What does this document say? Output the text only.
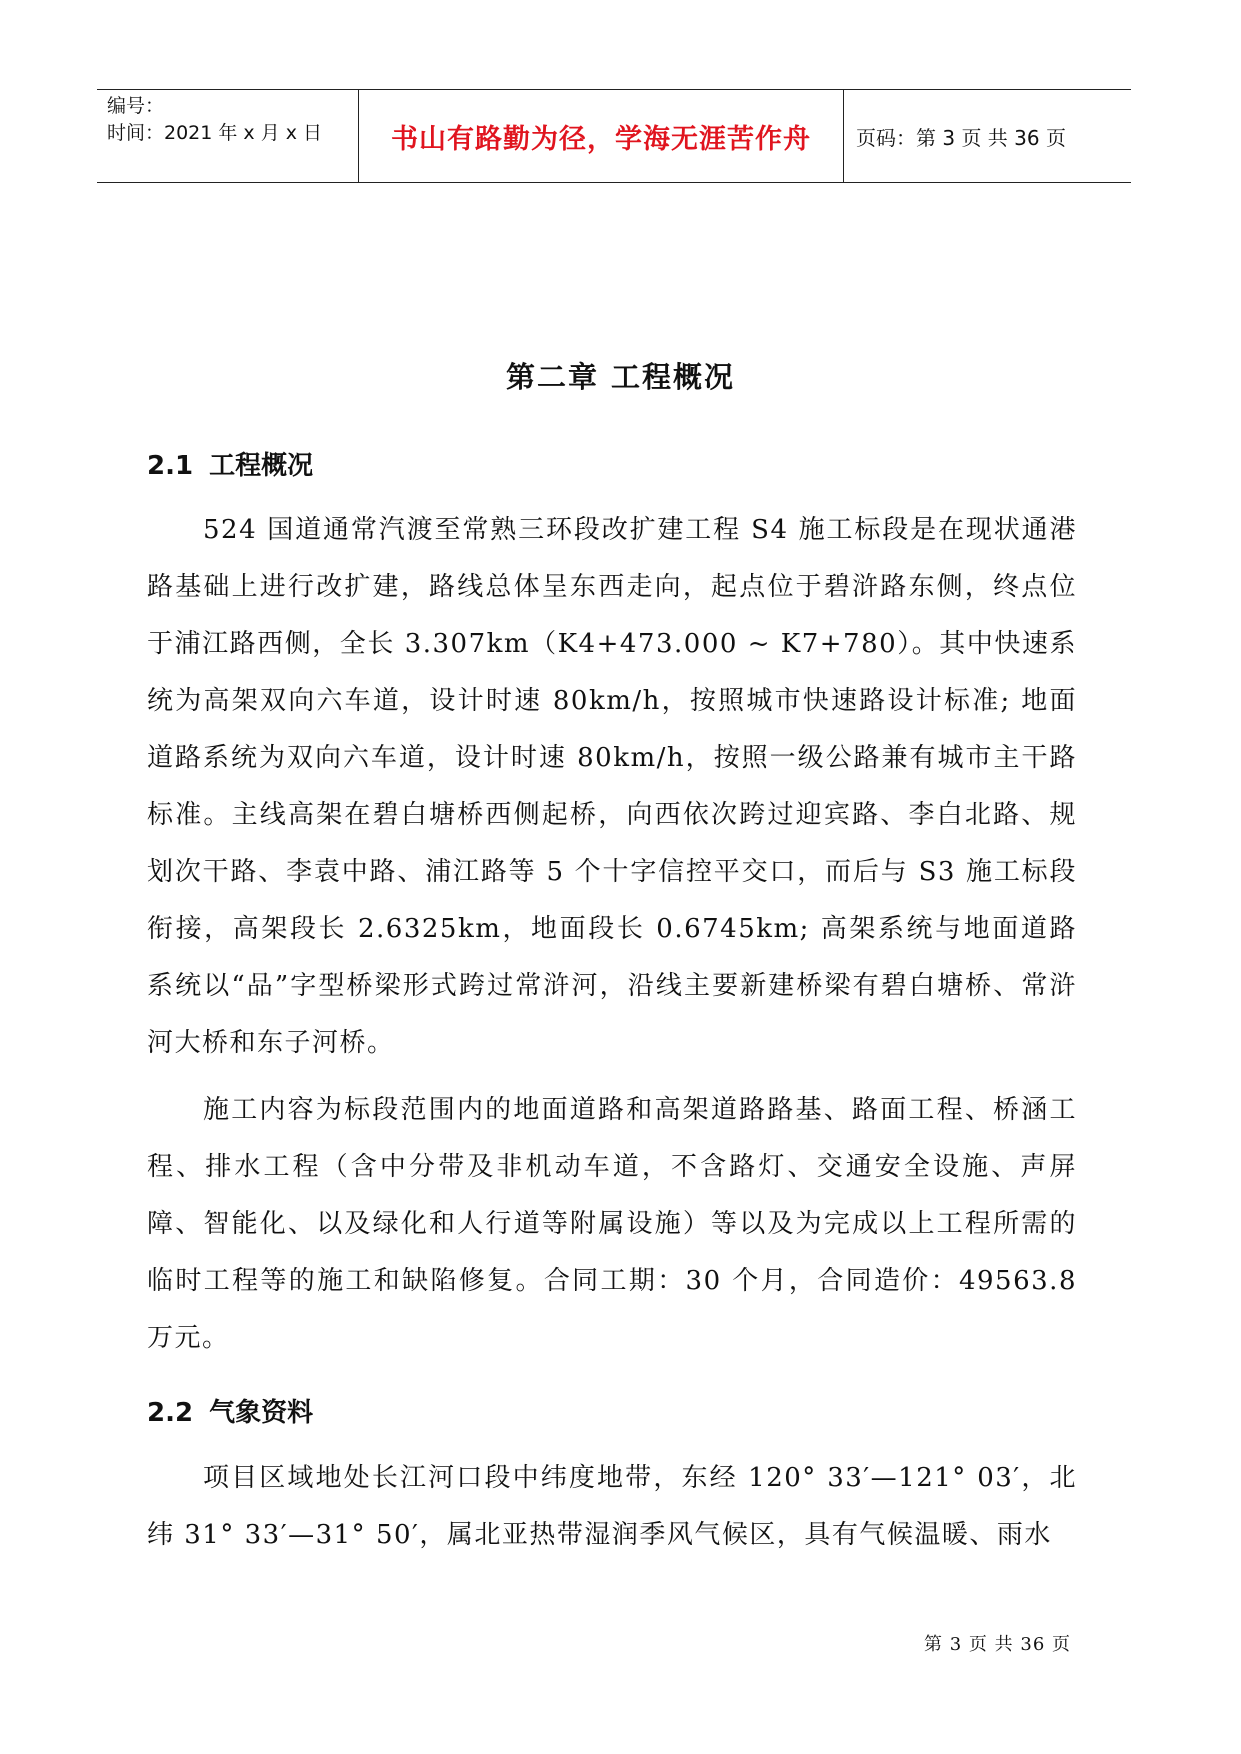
编号：
时间：2021 年 x 月 x 日	书山有路勤为径，学海无涯苦作舟	页码：第 3 页 共 36 页
第二章 工程概况
2.1 工程概况

524 国道通常汽渡至常熟三环段改扩建工程 S4 施工标段是在现状通港路基础上进行改扩建，路线总体呈东西走向，起点位于碧浒路东侧，终点位于浦江路西侧，全长 3.307km（K4+473.000 ~ K7+780）。其中快速系统为高架双向六车道，设计时速 80km/h，按照城市快速路设计标准; 地面道路系统为双向六车道，设计时速 80km/h，按照一级公路兼有城市主干路标准。主线高架在碧白塘桥西侧起桥，向西依次跨过迎宾路、李白北路、规划次干路、李袁中路、浦江路等 5 个十字信控平交口，而后与 S3 施工标段衔接，高架段长 2.6325km，地面段长 0.6745km; 高架系统与地面道路系统以“品”字型桥梁形式跨过常浒河，沿线主要新建桥梁有碧白塘桥、常浒河大桥和东子河桥。

施工内容为标段范围内的地面道路和高架道路路基、路面工程、桥涵工程、排水工程（含中分带及非机动车道，不含路灯、交通安全设施、声屏障、智能化、以及绿化和人行道等附属设施）等以及为完成以上工程所需的临时工程等的施工和缺陷修复。合同工期：30 个月，合同造价：49563.8 万元。

2.2 气象资料

项目区域地处长江河口段中纬度地带，东经 120° 33′—121° 03′，北纬 31° 33′—31° 50′，属北亚热带湿润季风气候区，具有气候温暖、雨水

第 3 页 共 36 页
